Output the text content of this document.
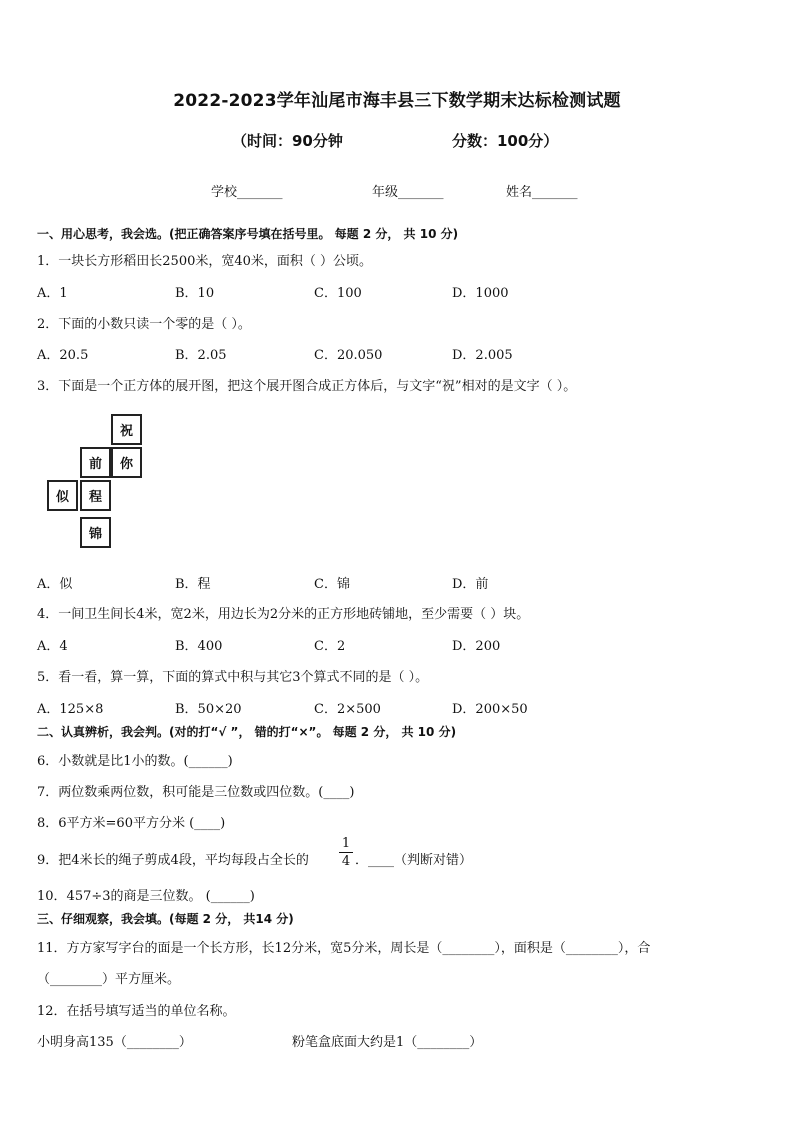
2022-2023学年汕尾市海丰县三下数学期末达标检测试题
（时间：90分钟	分数：100分）
学校_______	年级_______	姓名_______
一、用心思考，我会选。(把正确答案序号填在括号里。 每题 2 分， 共 10 分)
1．一块长方形稻田长2500米，宽40米，面积（ ）公顷。
A．1	B．10	C．100	D．1000
2．下面的小数只读一个零的是（ ）。
A．20.5	B．2.05	C．20.050	D．2.005
3．下面是一个正方体的展开图，把这个展开图合成正方体后，与文字“祝”相对的是文字（ ）。
祝
前	你
似	程
锦
A．似	B．程	C．锦	D．前
4．一间卫生间长4米，宽2米，用边长为2分米的正方形地砖铺地，至少需要（ ）块。
A．4	B．400	C．2	D．200
5．看一看，算一算，下面的算式中积与其它3个算式不同的是（ ）。
A．125×8	B．50×20	C．2×500	D．200×50
二、认真辨析，我会判。(对的打“√ ”， 错的打“×”。 每题 2 分， 共 10 分)
6．小数就是比1小的数。(______)
7．两位数乘两位数，积可能是三位数或四位数。(____)
8．6平方米=60平方分米 (____)
9．把4米长的绳子剪成4段，平均每段占全长的
1
4 ．____（判断对错）
10．457÷3的商是三位数。 (______)
三、仔细观察，我会填。(每题 2 分， 共14 分)
11．方方家写字台的面是一个长方形，长12分米，宽5分米，周长是（________），面积是（________），合
（________）平方厘米。
12．在括号填写适当的单位名称。
小明身高135（________）	粉笔盒底面大约是1（________）
